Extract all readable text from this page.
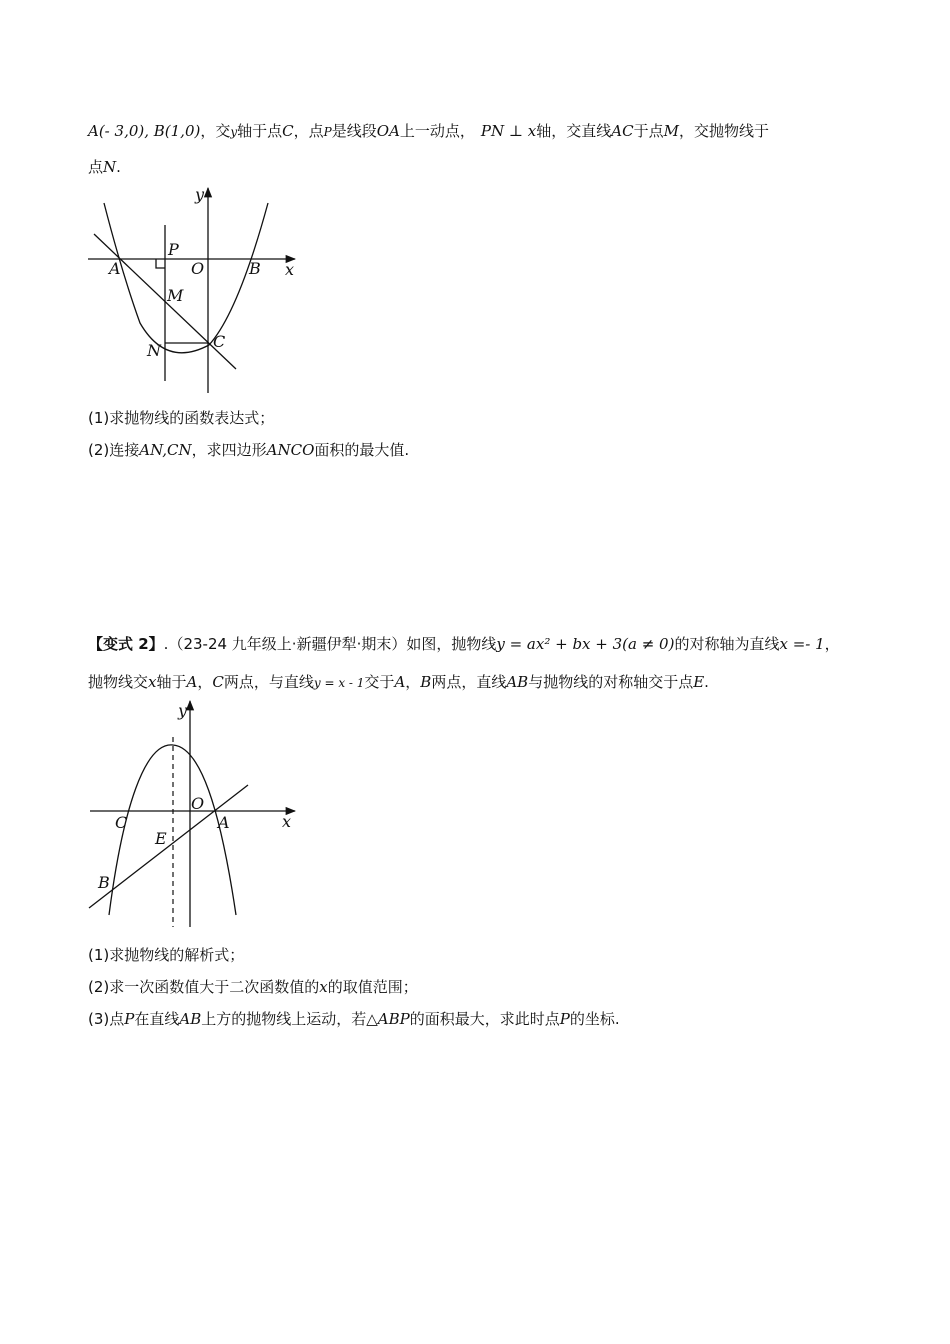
A(- 3,0), B(1,0)，交y轴于点C，点P是线段OA上一动点， PN ⊥ x轴，交直线AC于点M，交抛物线于
点N.
y
x
P
A	O	B
M
N	C
(1)求抛物线的函数表达式；
(2)连接AN,CN，求四边形ANCO面积的最大值.
【变式 2】.（23-24 九年级上·新疆伊犁·期末）如图，抛物线y = ax² + bx + 3(a ≠ 0)的对称轴为直线x =- 1，
抛物线交x轴于A，C两点，与直线y = x - 1交于A，B两点，直线AB与抛物线的对称轴交于点E.
y
x
O
C	A
E
B
(1)求抛物线的解析式；
(2)求一次函数值大于二次函数值的x的取值范围；
(3)点P在直线AB上方的抛物线上运动，若△ABP的面积最大，求此时点P的坐标.
